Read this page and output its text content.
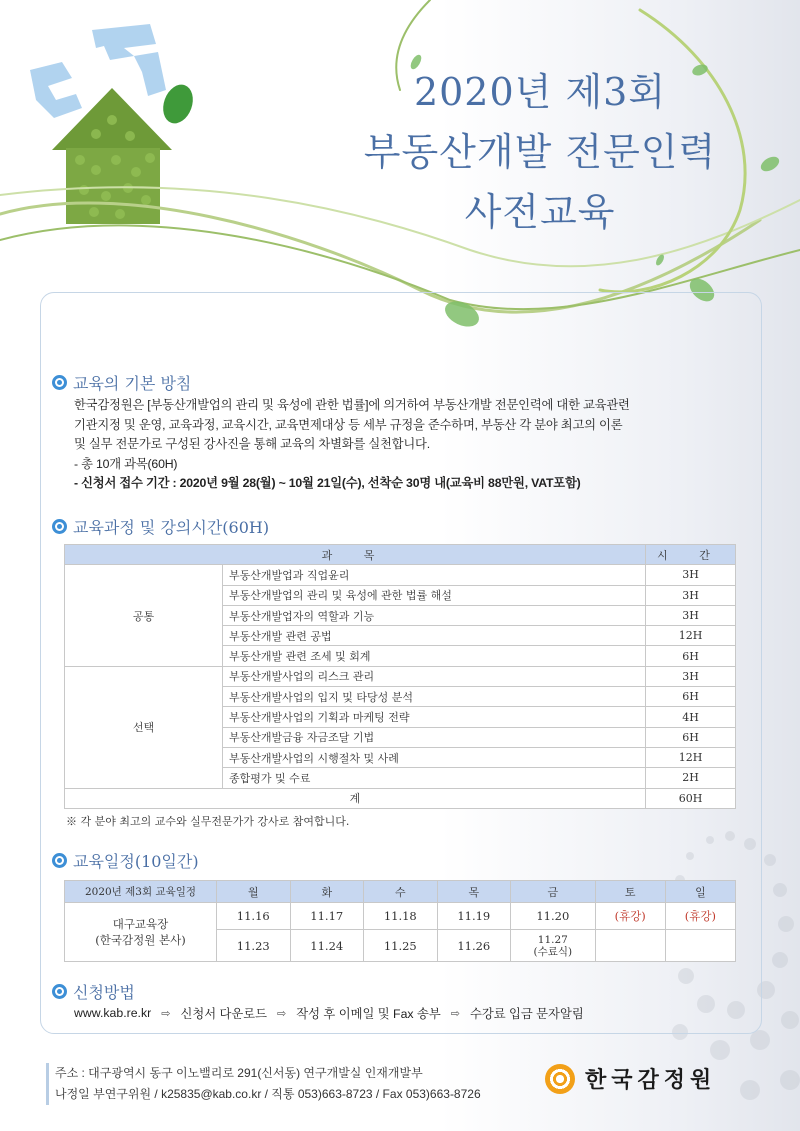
2020년 제3회
부동산개발 전문인력
사전교육
교육의 기본 방침

한국감정원은 [부동산개발업의 관리 및 육성에 관한 법률]에 의거하여 부동산개발 전문인력에 대한 교육관련

기관지정 및 운영, 교육과정, 교육시간, 교육면제대상 등 세부 규정을 준수하며, 부동산 각 분야 최고의 이론

및 실무 전문가로 구성된 강사진을 통해 교육의 차별화를 실천합니다.

- 총 10개 과목(60H)

- 신청서 접수 기간 : 2020년 9월 28(월) ~ 10월 21일(수), 선착순 30명 내(교육비 88만원, VAT포함)

교육과정 및 강의시간(60H)
과 목		시 간
공통	부동산개발업과 직업윤리	3H
	부동산개발업의 관리 및 육성에 관한 법률 해설	3H
	부동산개발업자의 역할과 기능	3H
	부동산개발 관련 공법	12H
	부동산개발 관련 조세 및 회계	6H
선택	부동산개발사업의 리스크 관리	3H
	부동산개발사업의 입지 및 타당성 분석	6H
	부동산개발사업의 기획과 마케팅 전략	4H
	부동산개발금융 자금조달 기법	6H
	부동산개발사업의 시행절차 및 사례	12H
	종합평가 및 수료	2H
계		60H
※ 각 분야 최고의 교수와 실무전문가가 강사로 참여합니다.
교육일정(10일간)
2020년 제3회 교육일정	월	화	수	목	금	토	일

대구교육장
(한국감정원 본사)	11.16	11.17	11.18	11.19	11.20	(휴강)	(휴강)
	11.23	11.24	11.25	11.26	11.27
(수료식)		

신청방법
www.kab.re.kr ⇨ 신청서 다운로드 ⇨ 작성 후 이메일 및 Fax 송부 ⇨ 수강료 입금 문자알림
주소 : 대구광역시 동구 이노밸리로 291(신서동) 연구개발실 인재개발부
나정일 부연구위원 / k25835@kab.co.kr / 직통 053)663-8723 / Fax 053)663-8726
한국감정원
